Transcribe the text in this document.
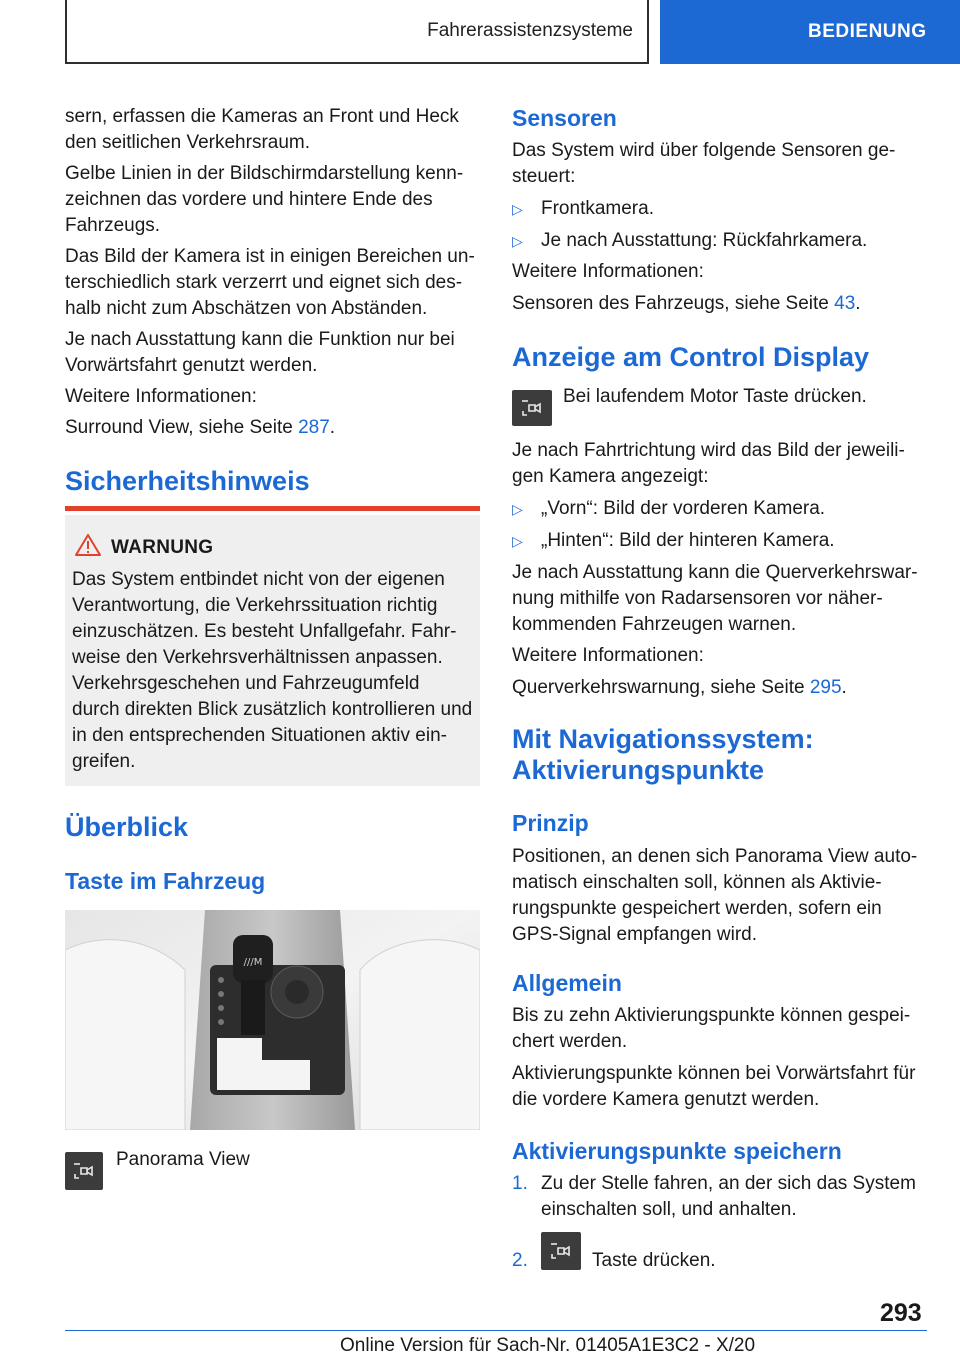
Fahrerassistenzsysteme	BEDIENUNG

sern, erfassen die Kameras an Front und Heck

den seitlichen Verkehrsraum.

Gelbe Linien in der Bildschirmdarstellung kenn-

zeichnen das vordere und hintere Ende des

Fahrzeugs.

Das Bild der Kamera ist in einigen Bereichen un-

terschiedlich stark verzerrt und eignet sich des-

halb nicht zum Abschätzen von Abständen.

Je nach Ausstattung kann die Funktion nur bei

Vorwärtsfahrt genutzt werden.

Weitere Informationen:

Surround View, siehe Seite 287.

Sicherheitshinweis
WARNUNG

Das System entbindet nicht von der eigenen

Verantwortung, die Verkehrssituation richtig

einzuschätzen. Es besteht Unfallgefahr. Fahr-

weise den Verkehrsverhältnissen anpassen.

Verkehrsgeschehen und Fahrzeugumfeld

durch direkten Blick zusätzlich kontrollieren und

in den entsprechenden Situationen aktiv ein-

greifen.

Überblick
Taste im Fahrzeug
///M

Panorama View

Sensoren

Das System wird über folgende Sensoren ge-

steuert:

▷ Frontkamera.
▷ Je nach Ausstattung: Rückfahrkamera.

Weitere Informationen:

Sensoren des Fahrzeugs, siehe Seite 43.

Anzeige am Control Display

Bei laufendem Motor Taste drücken.

Je nach Fahrtrichtung wird das Bild der jeweili-

gen Kamera angezeigt:

▷ „Vorn“: Bild der vorderen Kamera.
▷ „Hinten“: Bild der hinteren Kamera.

Je nach Ausstattung kann die Querverkehrswar-

nung mithilfe von Radarsensoren vor näher-

kommenden Fahrzeugen warnen.

Weitere Informationen:

Querverkehrswarnung, siehe Seite 295.

Mit Navigationssystem:
Aktivierungspunkte
Prinzip

Positionen, an denen sich Panorama View auto-

matisch einschalten soll, können als Aktivie-

rungspunkte gespeichert werden, sofern ein

GPS-Signal empfangen wird.

Allgemein

Bis zu zehn Aktivierungspunkte können gespei-

chert werden.

Aktivierungspunkte können bei Vorwärtsfahrt für

die vordere Kamera genutzt werden.

Aktivierungspunkte speichern
1. Zu der Stelle fahren, an der sich das System
einschalten soll, und anhalten.
2.	Taste drücken.
293
Online Version für Sach-Nr. 01405A1E3C2 - X/20
